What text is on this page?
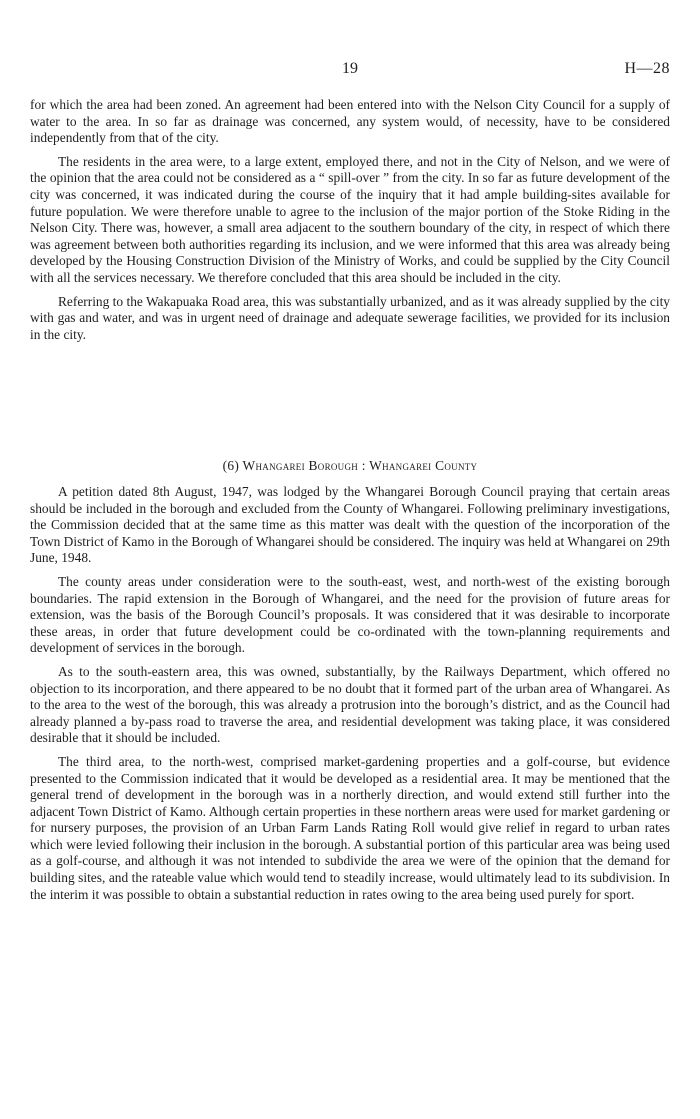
19	H—28

for which the area had been zoned. An agreement had been entered into with the Nelson City Council for a supply of water to the area. In so far as drainage was concerned, any system would, of necessity, have to be considered independently from that of the city.

The residents in the area were, to a large extent, employed there, and not in the City of Nelson, and we were of the opinion that the area could not be considered as a “ spill-over ” from the city. In so far as future development of the city was concerned, it was indicated during the course of the inquiry that it had ample building-sites available for future population. We were therefore unable to agree to the inclusion of the major portion of the Stoke Riding in the Nelson City. There was, however, a small area adjacent to the southern boundary of the city, in respect of which there was agreement between both authorities regarding its inclusion, and we were informed that this area was already being developed by the Housing Construction Division of the Ministry of Works, and could be supplied by the City Council with all the services necessary. We therefore concluded that this area should be included in the city.

Referring to the Wakapuaka Road area, this was substantially urbanized, and as it was already supplied by the city with gas and water, and was in urgent need of drainage and adequate sewerage facilities, we provided for its inclusion in the city.

(6) Whangarei Borough : Whangarei County

A petition dated 8th August, 1947, was lodged by the Whangarei Borough Council praying that certain areas should be included in the borough and excluded from the County of Whangarei. Following preliminary investigations, the Commission decided that at the same time as this matter was dealt with the question of the incorporation of the Town District of Kamo in the Borough of Whangarei should be considered. The inquiry was held at Whangarei on 29th June, 1948.

The county areas under consideration were to the south-east, west, and north-west of the existing borough boundaries. The rapid extension in the Borough of Whangarei, and the need for the provision of future areas for extension, was the basis of the Borough Council’s proposals. It was considered that it was desirable to incorporate these areas, in order that future development could be co-ordinated with the town-planning requirements and development of services in the borough.

As to the south-eastern area, this was owned, substantially, by the Railways Department, which offered no objection to its incorporation, and there appeared to be no doubt that it formed part of the urban area of Whangarei. As to the area to the west of the borough, this was already a protrusion into the borough’s district, and as the Council had already planned a by-pass road to traverse the area, and residential development was taking place, it was considered desirable that it should be included.

The third area, to the north-west, comprised market-gardening properties and a golf-course, but evidence presented to the Commission indicated that it would be developed as a residential area. It may be mentioned that the general trend of development in the borough was in a northerly direction, and would extend still further into the adjacent Town District of Kamo. Although certain properties in these northern areas were used for market gardening or for nursery purposes, the provision of an Urban Farm Lands Rating Roll would give relief in regard to urban rates which were levied following their inclusion in the borough. A substantial portion of this particular area was being used as a golf-course, and although it was not intended to subdivide the area we were of the opinion that the demand for building sites, and the rateable value which would tend to steadily increase, would ultimately lead to its subdivision. In the interim it was possible to obtain a substantial reduction in rates owing to the area being used purely for sport.
